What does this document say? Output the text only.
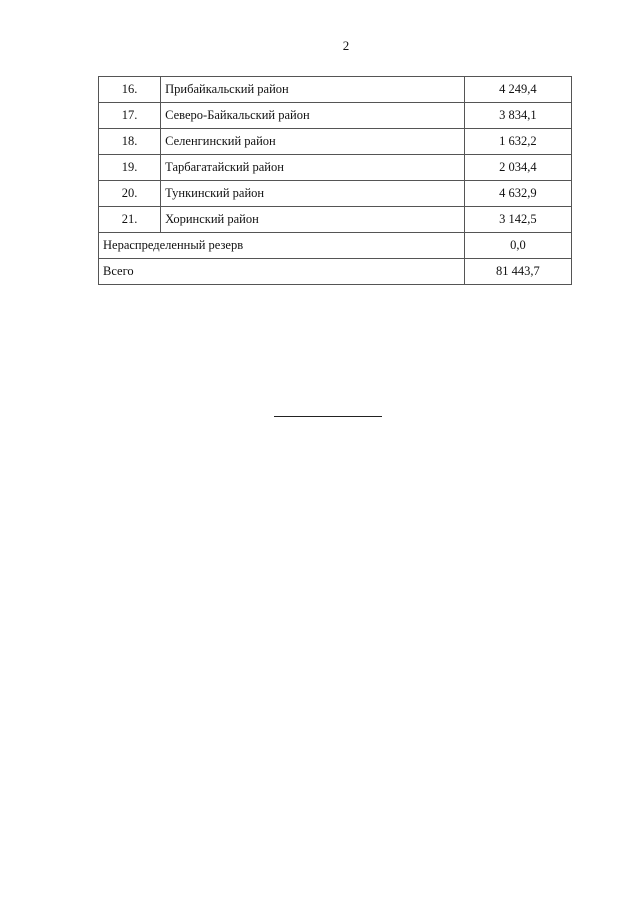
2
16.	Прибайкальский район	4 249,4
17.	Северо-Байкальский район	3 834,1
18.	Селенгинский район	1 632,2
19.	Тарбагатайский район	2 034,4
20.	Тункинский район	4 632,9
21.	Хоринский район	3 142,5
Нераспределенный резерв		0,0
Всего		81 443,7
